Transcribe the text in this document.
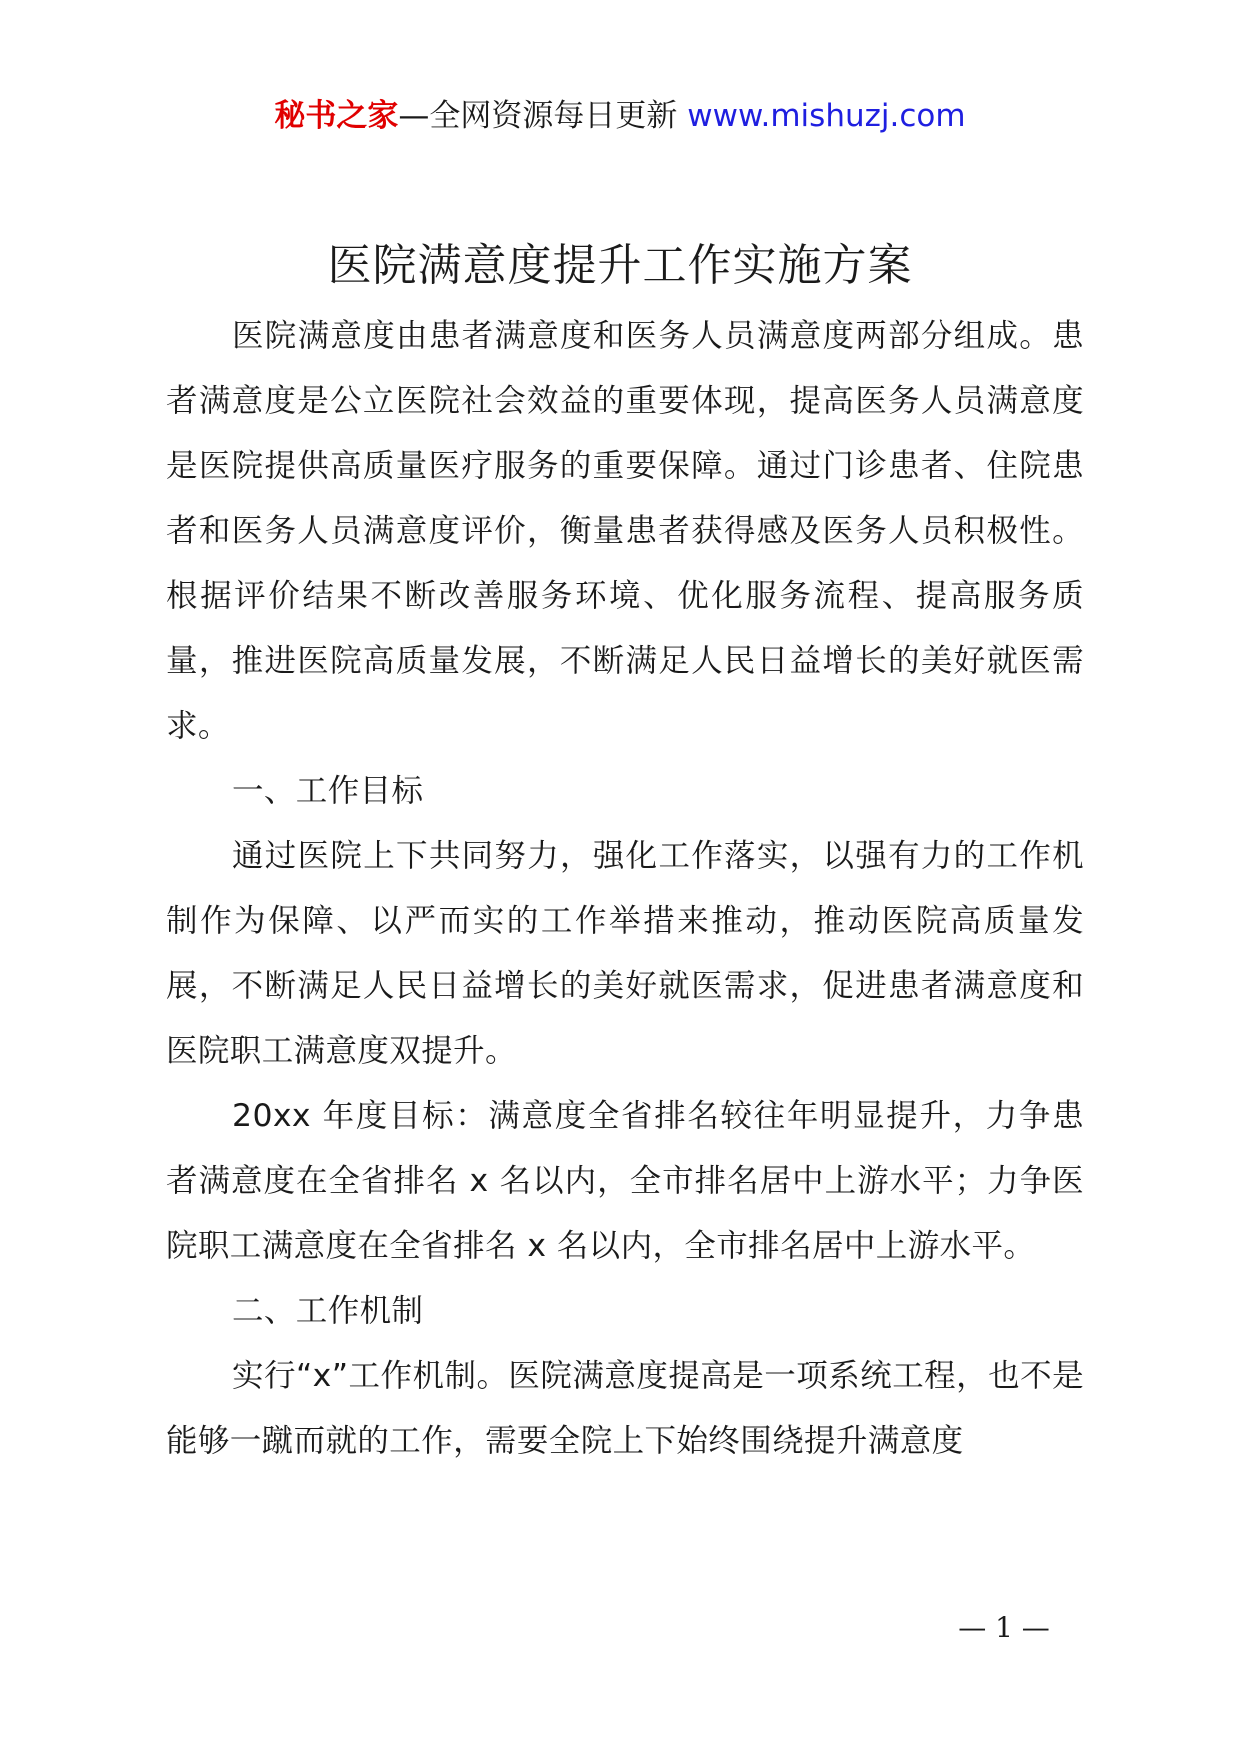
秘书之家—全网资源每日更新 www.mishuzj.com
医院满意度提升工作实施方案

医院满意度由患者满意度和医务人员满意度两部分组成。患者满意度是公立医院社会效益的重要体现，提高医务人员满意度是医院提供高质量医疗服务的重要保障。通过门诊患者、住院患者和医务人员满意度评价，衡量患者获得感及医务人员积极性。根据评价结果不断改善服务环境、优化服务流程、提高服务质量，推进医院高质量发展，不断满足人民日益增长的美好就医需求。

一、工作目标

通过医院上下共同努力，强化工作落实，以强有力的工作机制作为保障、以严而实的工作举措来推动，推动医院高质量发展，不断满足人民日益增长的美好就医需求，促进患者满意度和医院职工满意度双提升。

20xx 年度目标：满意度全省排名较往年明显提升，力争患者满意度在全省排名 x 名以内，全市排名居中上游水平；力争医院职工满意度在全省排名 x 名以内，全市排名居中上游水平。

二、工作机制

实行“x”工作机制。医院满意度提高是一项系统工程，也不是能够一蹴而就的工作，需要全院上下始终围绕提升满意度

— 1 —
